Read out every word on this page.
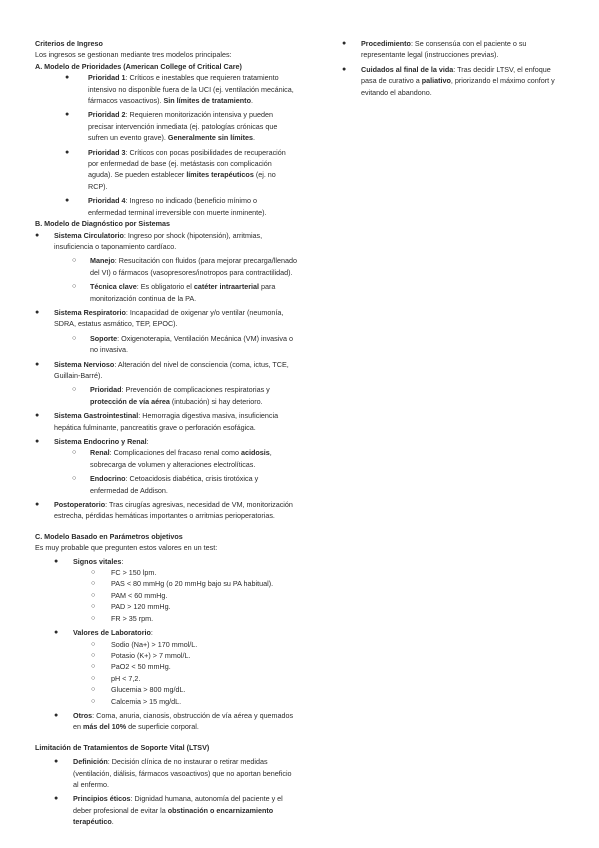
Criterios de Ingreso
Los ingresos se gestionan mediante tres modelos principales:
A. Modelo de Prioridades (American College of Critical Care)
● Prioridad 1: Críticos e inestables que requieren tratamiento intensivo no disponible fuera de la UCI (ej. ventilación mecánica, fármacos vasoactivos). Sin límites de tratamiento.
● Prioridad 2: Requieren monitorización intensiva y pueden precisar intervención inmediata (ej. patologías crónicas que sufren un evento grave). Generalmente sin límites.
● Prioridad 3: Críticos con pocas posibilidades de recuperación por enfermedad de base (ej. metástasis con complicación aguda). Se pueden establecer límites terapéuticos (ej. no RCP).
● Prioridad 4: Ingreso no indicado (beneficio mínimo o enfermedad terminal irreversible con muerte inminente).
B. Modelo de Diagnóstico por Sistemas
● Sistema Circulatorio: Ingreso por shock (hipotensión), arritmias, insuficiencia o taponamiento cardíaco.
○ Manejo: Resucitación con fluidos (para mejorar precarga/llenado del VI) o fármacos (vasopresores/inotropos para contractilidad).
○ Técnica clave: Es obligatorio el catéter intraarterial para monitorización continua de la PA.
● Sistema Respiratorio: Incapacidad de oxigenar y/o ventilar (neumonía, SDRA, estatus asmático, TEP, EPOC).
○ Soporte: Oxigenoterapia, Ventilación Mecánica (VM) invasiva o no invasiva.
● Sistema Nervioso: Alteración del nivel de consciencia (coma, ictus, TCE, Guillain-Barré).
○ Prioridad: Prevención de complicaciones respiratorias y protección de vía aérea (intubación) si hay deterioro.
● Sistema Gastrointestinal: Hemorragia digestiva masiva, insuficiencia hepática fulminante, pancreatitis grave o perforación esofágica.
● Sistema Endocrino y Renal:
○ Renal: Complicaciones del fracaso renal como acidosis, sobrecarga de volumen y alteraciones electrolíticas.
○ Endocrino: Cetoacidosis diabética, crisis tirotóxica y enfermedad de Addison.
● Postoperatorio: Tras cirugías agresivas, necesidad de VM, monitorización estrecha, pérdidas hemáticas importantes o arritmias perioperatorias.
C. Modelo Basado en Parámetros objetivos
Es muy probable que pregunten estos valores en un test:
● Signos vitales:
○ FC > 150 lpm.
○ PAS < 80 mmHg (o 20 mmHg bajo su PA habitual).
○ PAM < 60 mmHg.
○ PAD > 120 mmHg.
○ FR > 35 rpm.
● Valores de Laboratorio:
○ Sodio (Na+) > 170 mmol/L.
○ Potasio (K+) > 7 mmol/L.
○ PaO2 < 50 mmHg.
○ pH < 7,2.
○ Glucemia > 800 mg/dL.
○ Calcemia > 15 mg/dL.
● Otros: Coma, anuria, cianosis, obstrucción de vía aérea y quemados en más del 10% de superficie corporal.
Limitación de Tratamientos de Soporte Vital (LTSV)
● Definición: Decisión clínica de no instaurar o retirar medidas (ventilación, diálisis, fármacos vasoactivos) que no aportan beneficio al enfermo.
● Principios éticos: Dignidad humana, autonomía del paciente y el deber profesional de evitar la obstinación o encarnizamiento terapéutico.
● Procedimiento: Se consensúa con el paciente o su representante legal (instrucciones previas).
● Cuidados al final de la vida: Tras decidir LTSV, el enfoque pasa de curativo a paliativo, priorizando el máximo confort y evitando el abandono.
